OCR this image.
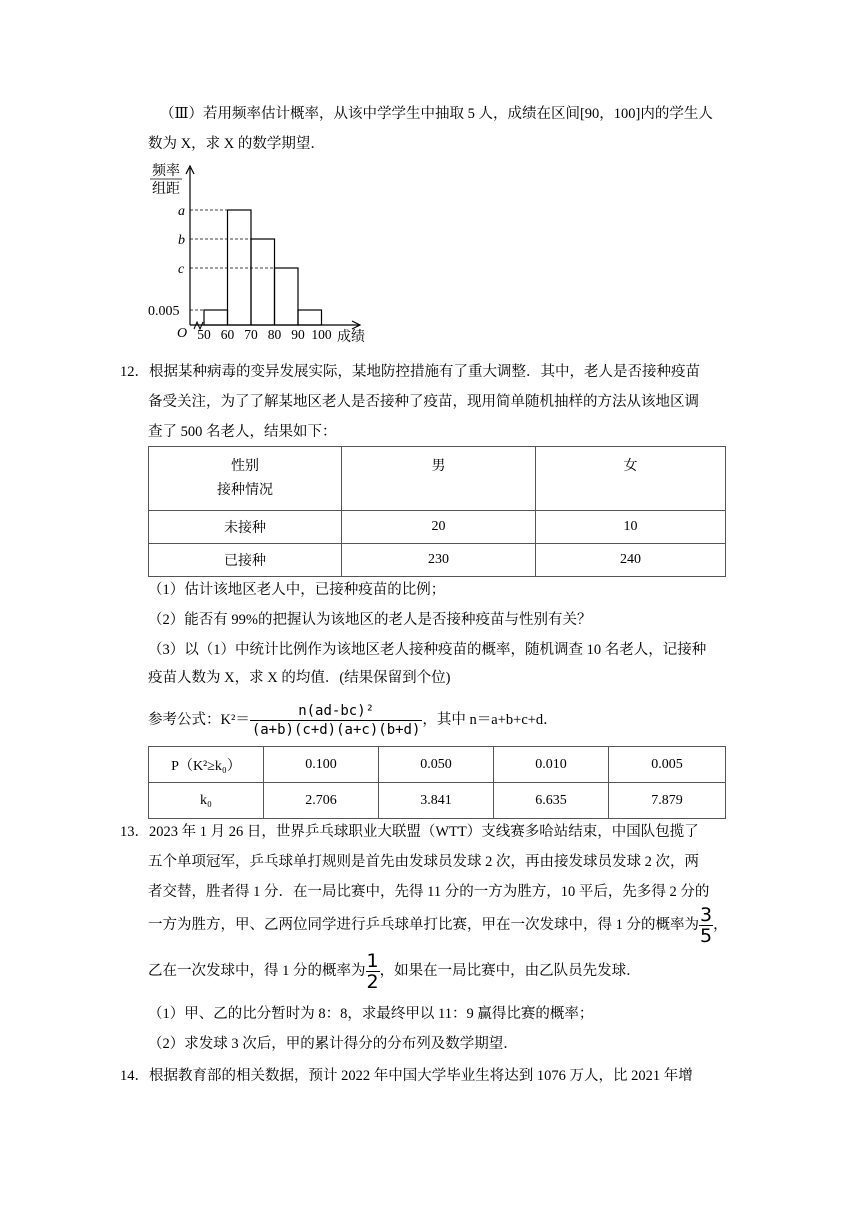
（Ⅲ）若用频率估计概率，从该中学学生中抽取 5 人，成绩在区间[90，100]内的学生人
数为 X，求 X 的数学期望．
频率
组距
O
a
b
c
0.005
50 60 70 80 90 100 成绩
12．根据某种病毒的变异发展实际，某地防控措施有了重大调整．其中，老人是否接种疫苗
备受关注，为了了解某地区老人是否接种了疫苗，现用简单随机抽样的方法从该地区调
查了 500 名老人，结果如下：
性别
接种情况	男	女
未接种	20	10
已接种	230	240
（1）估计该地区老人中，已接种疫苗的比例；
（2）能否有 99%的把握认为该地区的老人是否接种疫苗与性别有关？
（3）以（1）中统计比例作为该地区老人接种疫苗的概率，随机调查 10 名老人，记接种
疫苗人数为 X，求 X 的均值．(结果保留到个位)
参考公式：$K^2= \frac{\text{n(ad-bc)²}}{(a+b)(c+d)(a+c)(b+d)}$ ，其中 n＝a+b+c+d．
P（K²≥k₀）	0.100	0.050	0.010	0.005
k₀	2.706	3.841	6.635	7.879
13．2023 年 1 月 26 日，世界乒乓球职业大联盟（WTT）支线赛多哈站结束，中国队包揽了
五个单项冠军，乒乓球单打规则是首先由发球员发球 2 次，再由接发球员发球 2 次，两
者交替，胜者得 1 分．在一局比赛中，先得 11 分的一方为胜方，10 平后，先多得 2 分的
一方为胜方，甲、乙两位同学进行乒乓球单打比赛，甲在一次发球中，得 1 分的概率为 $\frac{3}{5}$ ，
乙在一次发球中，得 1 分的概率为 $\frac{1}{2}$ ，如果在一局比赛中，由乙队员先发球．
（1）甲、乙的比分暂时为 8：8，求最终甲以 11：9 赢得比赛的概率；
（2）求发球 3 次后，甲的累计得分的分布列及数学期望．
14．根据教育部的相关数据，预计 2022 年中国大学毕业生将达到 1076 万人，比 2021 年增
